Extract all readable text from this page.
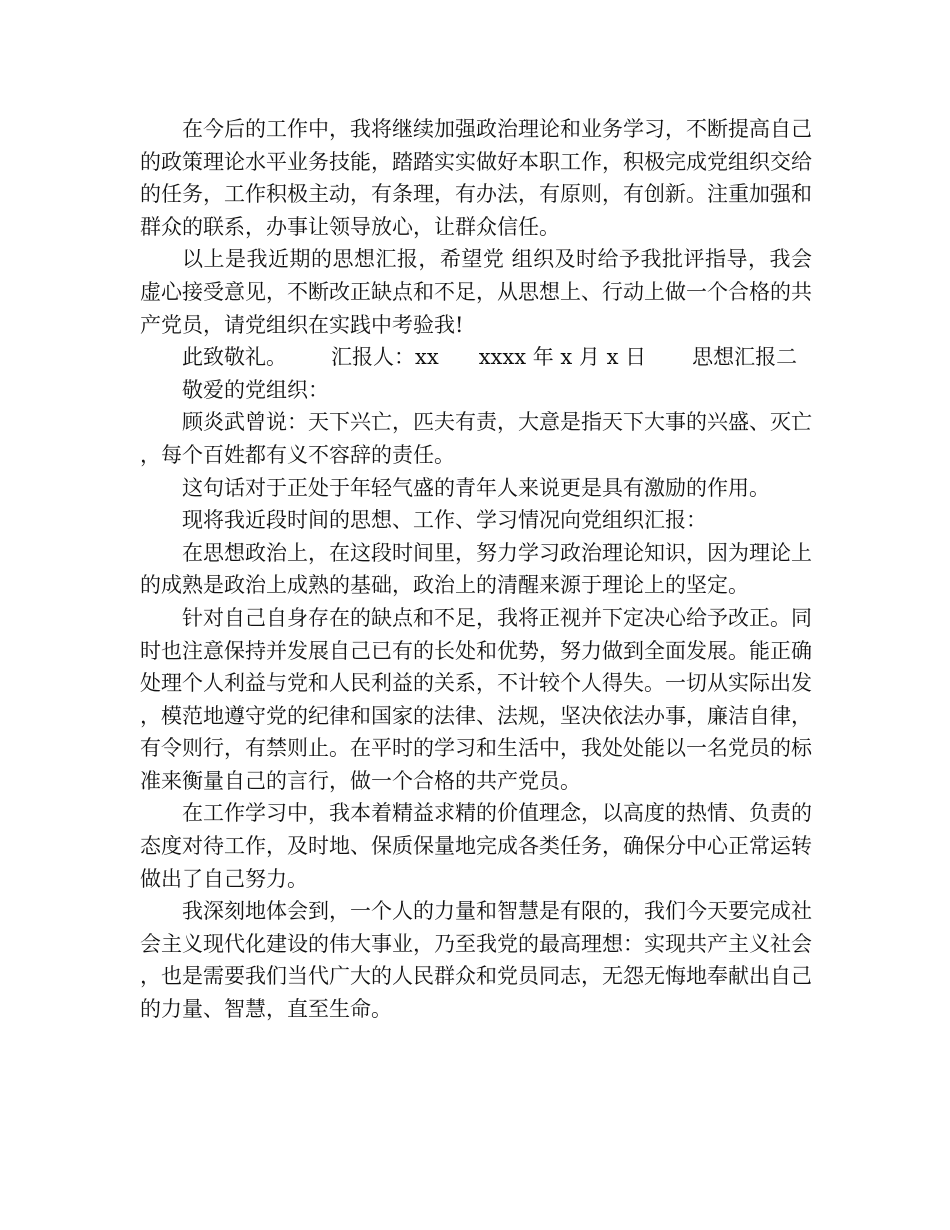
在今后的工作中，我将继续加强政治理论和业务学习，不断提高自己的政策理论水平业务技能，踏踏实实做好本职工作，积极完成党组织交给的任务，工作积极主动，有条理，有办法，有原则，有创新。注重加强和群众的联系，办事让领导放心，让群众信任。

以上是我近期的思想汇报，希望党 组织及时给予我批评指导，我会虚心接受意见，不断改正缺点和不足，从思想上、行动上做一个合格的共产党员，请党组织在实践中考验我!

此致敬礼。 汇报人：xx xxxx 年 x 月 x 日 思想汇报二

敬爱的党组织：

顾炎武曾说：天下兴亡，匹夫有责，大意是指天下大事的兴盛、灭亡，每个百姓都有义不容辞的责任。

这句话对于正处于年轻气盛的青年人来说更是具有激励的作用。

现将我近段时间的思想、工作、学习情况向党组织汇报：

在思想政治上，在这段时间里，努力学习政治理论知识，因为理论上的成熟是政治上成熟的基础，政治上的清醒来源于理论上的坚定。

针对自己自身存在的缺点和不足，我将正视并下定决心给予改正。同时也注意保持并发展自己已有的长处和优势，努力做到全面发展。能正确处理个人利益与党和人民利益的关系，不计较个人得失。一切从实际出发，模范地遵守党的纪律和国家的法律、法规，坚决依法办事，廉洁自律，有令则行，有禁则止。在平时的学习和生活中，我处处能以一名党员的标准来衡量自己的言行，做一个合格的共产党员。

在工作学习中，我本着精益求精的价值理念，以高度的热情、负责的态度对待工作，及时地、保质保量地完成各类任务，确保分中心正常运转做出了自己努力。

我深刻地体会到，一个人的力量和智慧是有限的，我们今天要完成社会主义现代化建设的伟大事业，乃至我党的最高理想：实现共产主义社会，也是需要我们当代广大的人民群众和党员同志，无怨无悔地奉献出自己的力量、智慧，直至生命。
